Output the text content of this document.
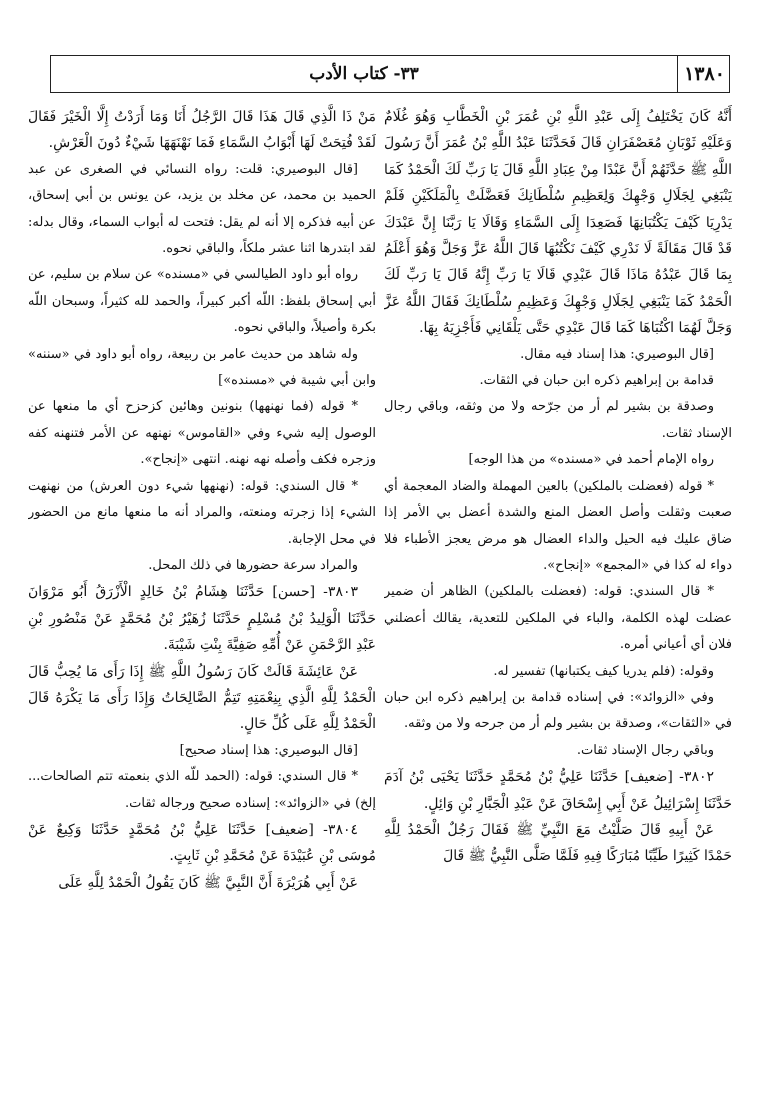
١٣٨٠
٣٣- كتاب الأدب

أَنَّهُ كَانَ يَخْتَلِفُ إِلَى عَبْدِ اللَّهِ بْنِ عُمَرَ بْنِ الْخَطَّابِ وَهُوَ غُلَامٌ وَعَلَيْهِ ثَوْبَانِ مُعَصْفَرَانِ قَالَ فَحَدَّثَنَا عَبْدُ اللَّهِ بْنُ عُمَرَ أَنَّ رَسُولَ اللَّهِ ﷺ حَدَّثَهُمْ أَنَّ عَبْدًا مِنْ عِبَادِ اللَّهِ قَالَ يَا رَبِّ لَكَ الْحَمْدُ كَمَا يَنْبَغِي لِجَلَالِ وَجْهِكَ وَلِعَظِيمِ سُلْطَانِكَ فَعَضَّلَتْ بِالْمَلَكَيْنِ فَلَمْ يَدْرِيَا كَيْفَ يَكْتُبَانِهَا فَصَعِدَا إِلَى السَّمَاءِ وَقَالَا يَا رَبَّنَا إِنَّ عَبْدَكَ قَدْ قَالَ مَقَالَةً لَا نَدْرِي كَيْفَ نَكْتُبُهَا قَالَ اللَّهُ عَزَّ وَجَلَّ وَهُوَ أَعْلَمُ بِمَا قَالَ عَبْدُهُ مَاذَا قَالَ عَبْدِي قَالَا يَا رَبِّ إِنَّهُ قَالَ يَا رَبِّ لَكَ الْحَمْدُ كَمَا يَنْبَغِي لِجَلَالِ وَجْهِكَ وَعَظِيمِ سُلْطَانِكَ فَقَالَ اللَّهُ عَزَّ وَجَلَّ لَهُمَا اكْتُبَاهَا كَمَا قَالَ عَبْدِي حَتَّى يَلْقَانِي فَأَجْزِيَهُ بِهَا.

[قال البوصيري: هذا إسناد فيه مقال.

قدامة بن إبراهيم ذكره ابن حبان في الثقات.

وصدقة بن بشير لم أر من جرّحه ولا من وثقه، وباقي رجال الإسناد ثقات.

رواه الإمام أحمد في «مسنده» من هذا الوجه]

* قوله (فعضلت بالملكين) بالعين المهملة والضاد المعجمة أي صعبت وثقلت وأصل العضل المنع والشدة أعضل بي الأمر إذا ضاق عليك فيه الحيل والداء العضال هو مرض يعجز الأطباء فلا دواء له كذا في «المجمع» «إنجاح».

* قال السندي: قوله: (فعضلت بالملكين) الظاهر أن ضمير عضلت لهذه الكلمة، والباء في الملكين للتعدية، يقالك أعضلني فلان أي أعياني أمره.

وقوله: (فلم يدريا كيف يكتبانها) تفسير له.

وفي «الزوائد»: في إسناده قدامة بن إبراهيم ذكره ابن حبان في «الثقات»، وصدقة بن بشير ولم أر من جرحه ولا من وثقه.

وباقي رجال الإسناد ثقات.

٣٨٠٢- [ضعيف] حَدَّثَنَا عَلِيُّ بْنُ مُحَمَّدٍ حَدَّثَنَا يَحْيَى بْنُ آدَمَ حَدَّثَنَا إِسْرَائِيلُ عَنْ أَبِي إِسْحَاقَ عَنْ عَبْدِ الْجَبَّارِ بْنِ وَائِلٍ.

عَنْ أَبِيهِ قَالَ صَلَّيْتُ مَعَ النَّبِيِّ ﷺ فَقَالَ رَجُلٌ الْحَمْدُ لِلَّهِ حَمْدًا كَثِيرًا طَيِّبًا مُبَارَكًا فِيهِ فَلَمَّا صَلَّى النَّبِيُّ ﷺ قَالَ

مَنْ ذَا الَّذِي قَالَ هَذَا قَالَ الرَّجُلُ أَنَا وَمَا أَرَدْتُ إِلَّا الْخَيْرَ فَقَالَ لَقَدْ فُتِحَتْ لَهَا أَبْوَابُ السَّمَاءِ فَمَا نَهْنَهَهَا شَيْءٌ دُونَ الْعَرْشِ.

[قال البوصيري: قلت: رواه النسائي في الصغرى عن عبد الحميد بن محمد، عن مخلد بن يزيد، عن يونس بن أبي إسحاق، عن أبيه فذكره إلا أنه لم يقل: فتحت له أبواب السماء، وقال بدله: لقد ابتدرها اثنا عشر ملكاً، والباقي نحوه.

رواه أبو داود الطيالسي في «مسنده» عن سلام بن سليم، عن أبي إسحاق بلفظ: اللّه أكبر كبيراً، والحمد لله كثيراً، وسبحان اللّه بكرة وأصيلاً، والباقي نحوه.

وله شاهد من حديث عامر بن ربيعة، رواه أبو داود في «سننه» وابن أبي شيبة في «مسنده»]

* قوله (فما نهنهها) بنونين وهائين كزحزح أي ما منعها عن الوصول إليه شيء وفي «القاموس» نهنهه عن الأمر فتنهنه كفه وزجره فكف وأصله نهه نهنه. انتهى «إنجاح».

* قال السندي: قوله: (نهنهها شيء دون العرش) من نهنهت الشيء إذا زجرته ومنعته، والمراد أنه ما منعها مانع من الحضور في محل الإجابة.

والمراد سرعة حضورها في ذلك المحل.

٣٨٠٣- [حسن] حَدَّثَنَا هِشَامُ بْنُ خَالِدٍ الْأَزْرَقُ أَبُو مَرْوَانَ حَدَّثَنَا الْوَلِيدُ بْنُ مُسْلِمٍ حَدَّثَنَا زُهَيْرُ بْنُ مُحَمَّدٍ عَنْ مَنْصُورِ بْنِ عَبْدِ الرَّحْمَنِ عَنْ أُمِّهِ صَفِيَّةَ بِنْتِ شَيْبَةَ.

عَنْ عَائِشَةَ قَالَتْ كَانَ رَسُولُ اللَّهِ ﷺ إِذَا رَأَى مَا يُحِبُّ قَالَ الْحَمْدُ لِلَّهِ الَّذِي بِنِعْمَتِهِ تَتِمُّ الصَّالِحَاتُ وَإِذَا رَأَى مَا يَكْرَهُ قَالَ الْحَمْدُ لِلَّهِ عَلَى كُلِّ حَالٍ.

[قال البوصيري: هذا إسناد صحيح]

* قال السندي: قوله: (الحمد للّه الذي بنعمته تتم الصالحات... إلخ) في «الزوائد»: إسناده صحيح ورجاله ثقات.

٣٨٠٤- [ضعيف] حَدَّثَنَا عَلِيُّ بْنُ مُحَمَّدٍ حَدَّثَنَا وَكِيعٌ عَنْ مُوسَى بْنِ عُبَيْدَةَ عَنْ مُحَمَّدِ بْنِ ثَابِتٍ.

عَنْ أَبِي هُرَيْرَةَ أَنَّ النَّبِيَّ ﷺ كَانَ يَقُولُ الْحَمْدُ لِلَّهِ عَلَى
